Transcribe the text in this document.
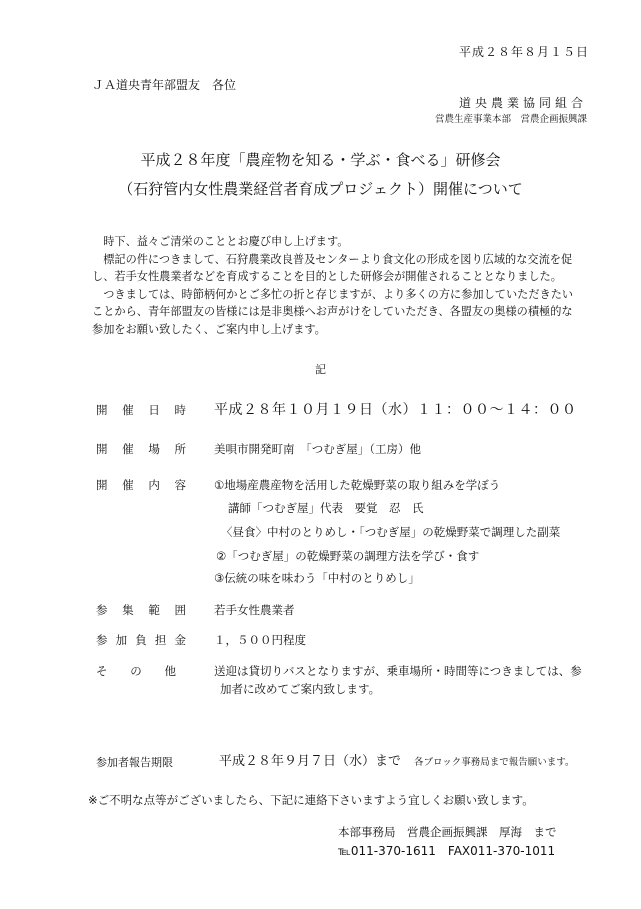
平成２８年８月１５日
ＪＡ道央青年部盟友　各位
道央農業協同組合
営農生産事業本部　営農企画振興課
平成２８年度「農産物を知る・学ぶ・食べる」研修会
（石狩管内女性農業経営者育成プロジェクト）開催について

　時下、益々ご清栄のこととお慶び申し上げます。

　標記の件につきまして、石狩農業改良普及センターより食文化の形成を図り広域的な交流を促

し、若手女性農業者などを育成することを目的とした研修会が開催されることとなりました。

　つきましては、時節柄何かとご多忙の折と存じますが、より多くの方に参加していただきたい

ことから、青年部盟友の皆様には是非奥様へお声がけをしていただき、各盟友の奥様の積極的な

参加をお願い致したく、ご案内申し上げます。

記
開 催 日 時 平成２８年１０月１９日（水）１１：００～１４：００
開 催 場 所 美唄市開発町南　「つむぎ屋」（工房）他
開 催 内 容 ①地場産農産物を活用した乾燥野菜の取り組みを学ぼう
講師「つむぎ屋」代表　要覚　忍　氏
〈昼食〉中村のとりめし・「つむぎ屋」の乾燥野菜で調理した副菜
②「つむぎ屋」の乾燥野菜の調理方法を学び・食す
③伝統の味を味わう「中村のとりめし」
参 集 範 囲 若手女性農業者
参 加 負 担 金 １，５００円程度
そ の 他	送迎は貸切りバスとなりますが、乗車場所・時間等につきましては、参
加者に改めてご案内致します。
参加者報告期限	平成２８年９月７日（水）まで 各ブロック事務局まで報告願います。
※ご不明な点等がございましたら、下記に連絡下さいますよう宜しくお願い致します。
本部事務局　営農企画振興課　厚海　まで
℡011-370-1611　FAX011-370-1011
